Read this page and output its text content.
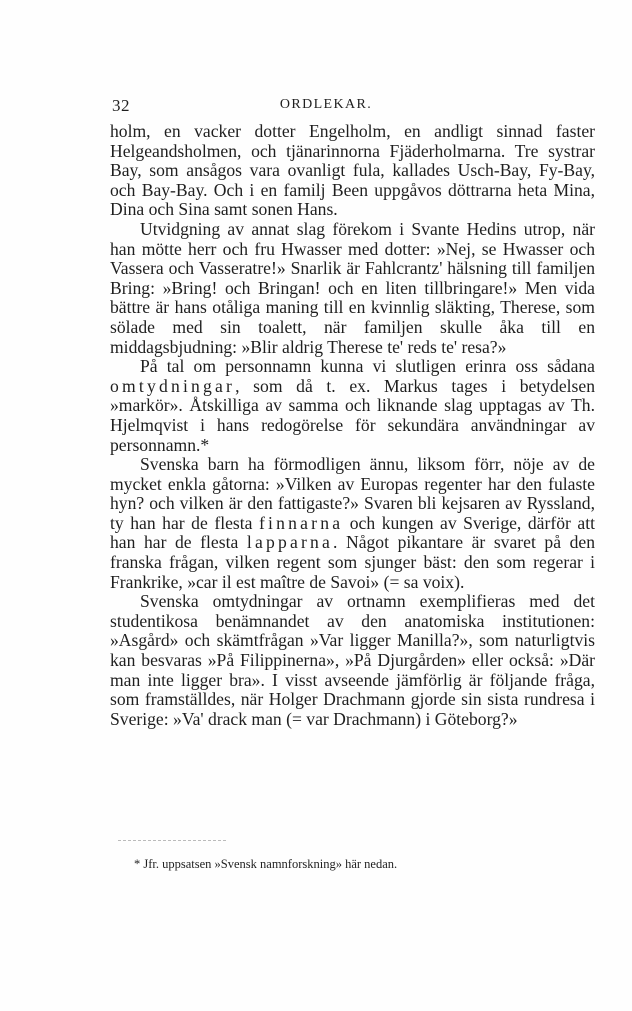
32	ORDLEKAR.

holm, en vacker dotter Engelholm, en andligt sinnad faster Helgeandsholmen, och tjänarinnorna Fjäderholmarna. Tre systrar Bay, som ansågos vara ovanligt fula, kallades Usch-Bay, Fy-Bay, och Bay-Bay. Och i en familj Been uppgåvos döttrarna heta Mina, Dina och Sina samt sonen Hans.

Utvidgning av annat slag förekom i Svante Hedins utrop, när han mötte herr och fru Hwasser med dotter: »Nej, se Hwasser och Vassera och Vasseratre!» Snarlik är Fahlcrantz' hälsning till familjen Bring: »Bring! och Bringan! och en liten tillbringare!» Men vida bättre är hans otåliga maning till en kvinnlig släkting, Therese, som sölade med sin toalett, när familjen skulle åka till en middagsbjudning: »Blir aldrig Therese te' reds te' resa?»

På tal om personnamn kunna vi slutligen erinra oss sådana omtydningar, som då t. ex. Markus tages i betydelsen »markör». Åtskilliga av samma och liknande slag upptagas av Th. Hjelmqvist i hans redogörelse för sekundära användningar av personnamn.*

Svenska barn ha förmodligen ännu, liksom förr, nöje av de mycket enkla gåtorna: »Vilken av Europas regenter har den fulaste hyn? och vilken är den fattigaste?» Svaren bli kejsaren av Ryssland, ty han har de flesta finnarna och kungen av Sverige, därför att han har de flesta lapparna. Något pikantare är svaret på den franska frågan, vilken regent som sjunger bäst: den som regerar i Frankrike, »car il est maître de Savoi» (= sa voix).

Svenska omtydningar av ortnamn exemplifieras med det studentikosa benämnandet av den anatomiska institutionen: »Asgård» och skämtfrågan »Var ligger Manilla?», som naturligtvis kan besvaras »På Filippinerna», »På Djurgården» eller också: »Där man inte ligger bra». I visst avseende jämförlig är följande fråga, som framställdes, när Holger Drachmann gjorde sin sista rundresa i Sverige: »Va' drack man (= var Drachmann) i Göteborg?»

* Jfr. uppsatsen »Svensk namnforskning» här nedan.
